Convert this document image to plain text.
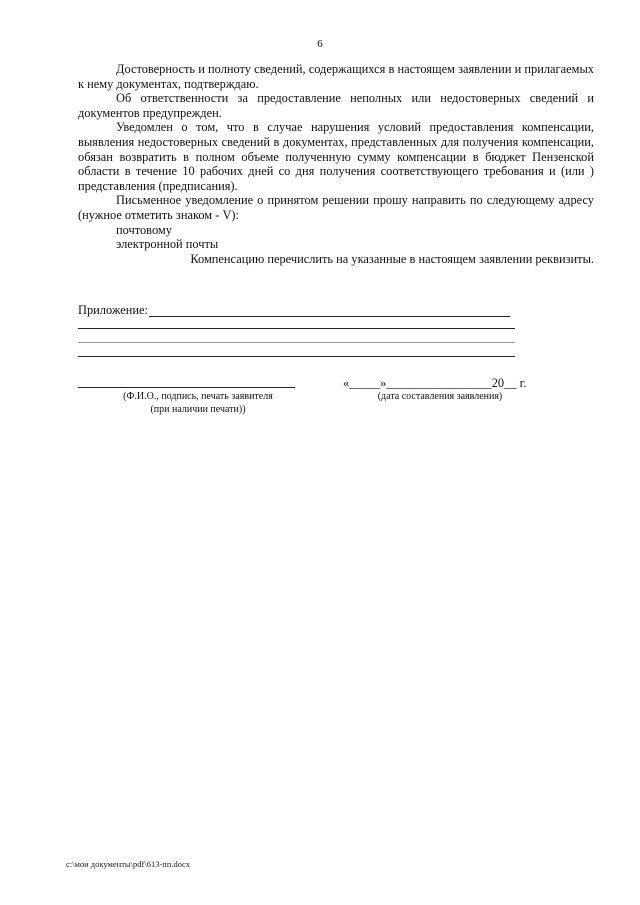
6

Достоверность и полноту сведений, содержащихся в настоящем заявлении и прилагаемых к нему документах, подтверждаю.

Об ответственности за предоставление неполных или недостоверных сведений и документов предупрежден.

Уведомлен о том, что в случае нарушения условий предоставления компенсации, выявления недостоверных сведений в документах, представленных для получения компенсации, обязан возвратить в полном объеме полученную сумму компенсации в бюджет Пензенской области в течение 10 рабочих дней со дня получения соответствующего требования и (или ) представления (предписания).

Письменное уведомление о принятом решении прошу направить по следующему адресу (нужное отметить знаком - V):

почтовому

электронной почты

Компенсацию перечислить на указанные в настоящем заявлении реквизиты.

Приложение:
(Ф.И.О., подпись, печать заявителя
(при наличии печати))
«_____»_________________20__ г.
(дата составления заявления)
c:\мои документы\pdf\613-пп.docx
